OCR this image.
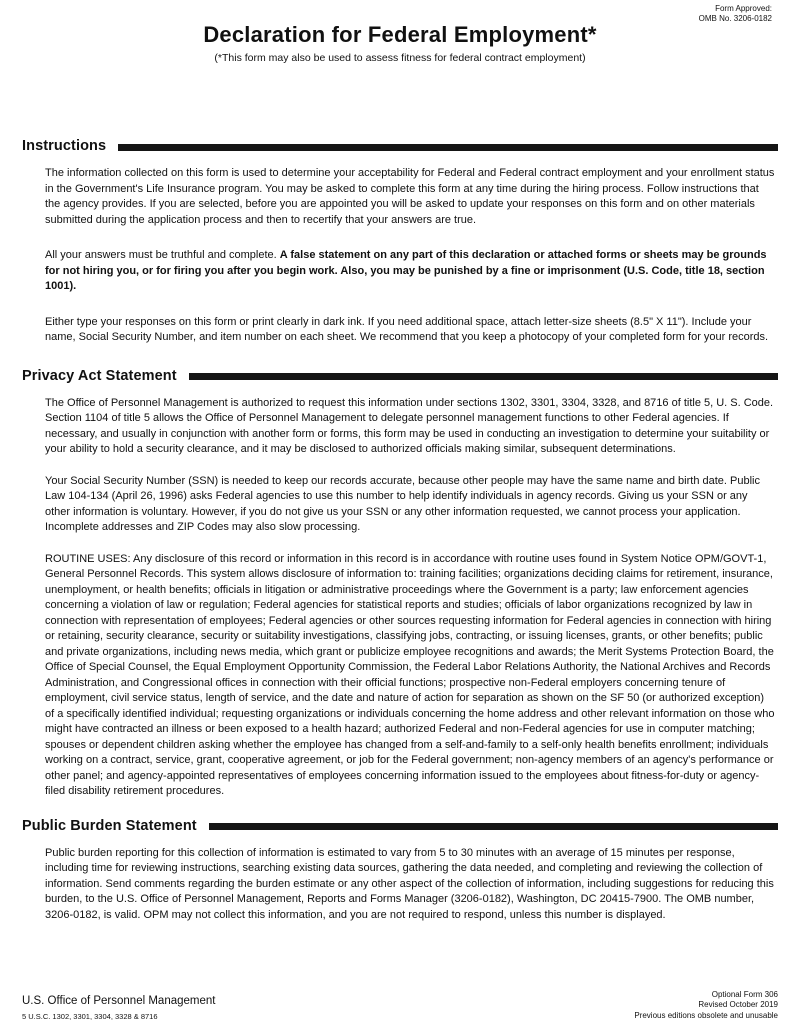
Declaration for Federal Employment*
(*This form may also be used to assess fitness for federal contract employment)
Form Approved:
OMB No. 3206-0182
Instructions

The information collected on this form is used to determine your acceptability for Federal and Federal contract employment and your enrollment status in the Government's Life Insurance program. You may be asked to complete this form at any time during the hiring process. Follow instructions that the agency provides. If you are selected, before you are appointed you will be asked to update your responses on this form and on other materials submitted during the application process and then to recertify that your answers are true.

All your answers must be truthful and complete. A false statement on any part of this declaration or attached forms or sheets may be grounds for not hiring you, or for firing you after you begin work. Also, you may be punished by a fine or imprisonment (U.S. Code, title 18, section 1001).

Either type your responses on this form or print clearly in dark ink. If you need additional space, attach letter-size sheets (8.5" X 11"). Include your name, Social Security Number, and item number on each sheet. We recommend that you keep a photocopy of your completed form for your records.

Privacy Act Statement

The Office of Personnel Management is authorized to request this information under sections 1302, 3301, 3304, 3328, and 8716 of title 5, U. S. Code. Section 1104 of title 5 allows the Office of Personnel Management to delegate personnel management functions to other Federal agencies. If necessary, and usually in conjunction with another form or forms, this form may be used in conducting an investigation to determine your suitability or your ability to hold a security clearance, and it may be disclosed to authorized officials making similar, subsequent determinations.

Your Social Security Number (SSN) is needed to keep our records accurate, because other people may have the same name and birth date. Public Law 104-134 (April 26, 1996) asks Federal agencies to use this number to help identify individuals in agency records. Giving us your SSN or any other information is voluntary. However, if you do not give us your SSN or any other information requested, we cannot process your application. Incomplete addresses and ZIP Codes may also slow processing.

ROUTINE USES: Any disclosure of this record or information in this record is in accordance with routine uses found in System Notice OPM/GOVT-1, General Personnel Records. This system allows disclosure of information to: training facilities; organizations deciding claims for retirement, insurance, unemployment, or health benefits; officials in litigation or administrative proceedings where the Government is a party; law enforcement agencies concerning a violation of law or regulation; Federal agencies for statistical reports and studies; officials of labor organizations recognized by law in connection with representation of employees; Federal agencies or other sources requesting information for Federal agencies in connection with hiring or retaining, security clearance, security or suitability investigations, classifying jobs, contracting, or issuing licenses, grants, or other benefits; public and private organizations, including news media, which grant or publicize employee recognitions and awards; the Merit Systems Protection Board, the Office of Special Counsel, the Equal Employment Opportunity Commission, the Federal Labor Relations Authority, the National Archives and Records Administration, and Congressional offices in connection with their official functions; prospective non-Federal employers concerning tenure of employment, civil service status, length of service, and the date and nature of action for separation as shown on the SF 50 (or authorized exception) of a specifically identified individual; requesting organizations or individuals concerning the home address and other relevant information on those who might have contracted an illness or been exposed to a health hazard; authorized Federal and non-Federal agencies for use in computer matching; spouses or dependent children asking whether the employee has changed from a self-and-family to a self-only health benefits enrollment; individuals working on a contract, service, grant, cooperative agreement, or job for the Federal government; non-agency members of an agency's performance or other panel; and agency-appointed representatives of employees concerning information issued to the employees about fitness-for-duty or agency-filed disability retirement procedures.

Public Burden Statement

Public burden reporting for this collection of information is estimated to vary from 5 to 30 minutes with an average of 15 minutes per response, including time for reviewing instructions, searching existing data sources, gathering the data needed, and completing and reviewing the collection of information. Send comments regarding the burden estimate or any other aspect of the collection of information, including suggestions for reducing this burden, to the U.S. Office of Personnel Management, Reports and Forms Manager (3206-0182), Washington, DC 20415-7900. The OMB number, 3206-0182, is valid. OPM may not collect this information, and you are not required to respond, unless this number is displayed.

U.S. Office of Personnel Management
5 U.S.C. 1302, 3301, 3304, 3328 & 8716
Optional Form 306
Revised October 2019
Previous editions obsolete and unusable
